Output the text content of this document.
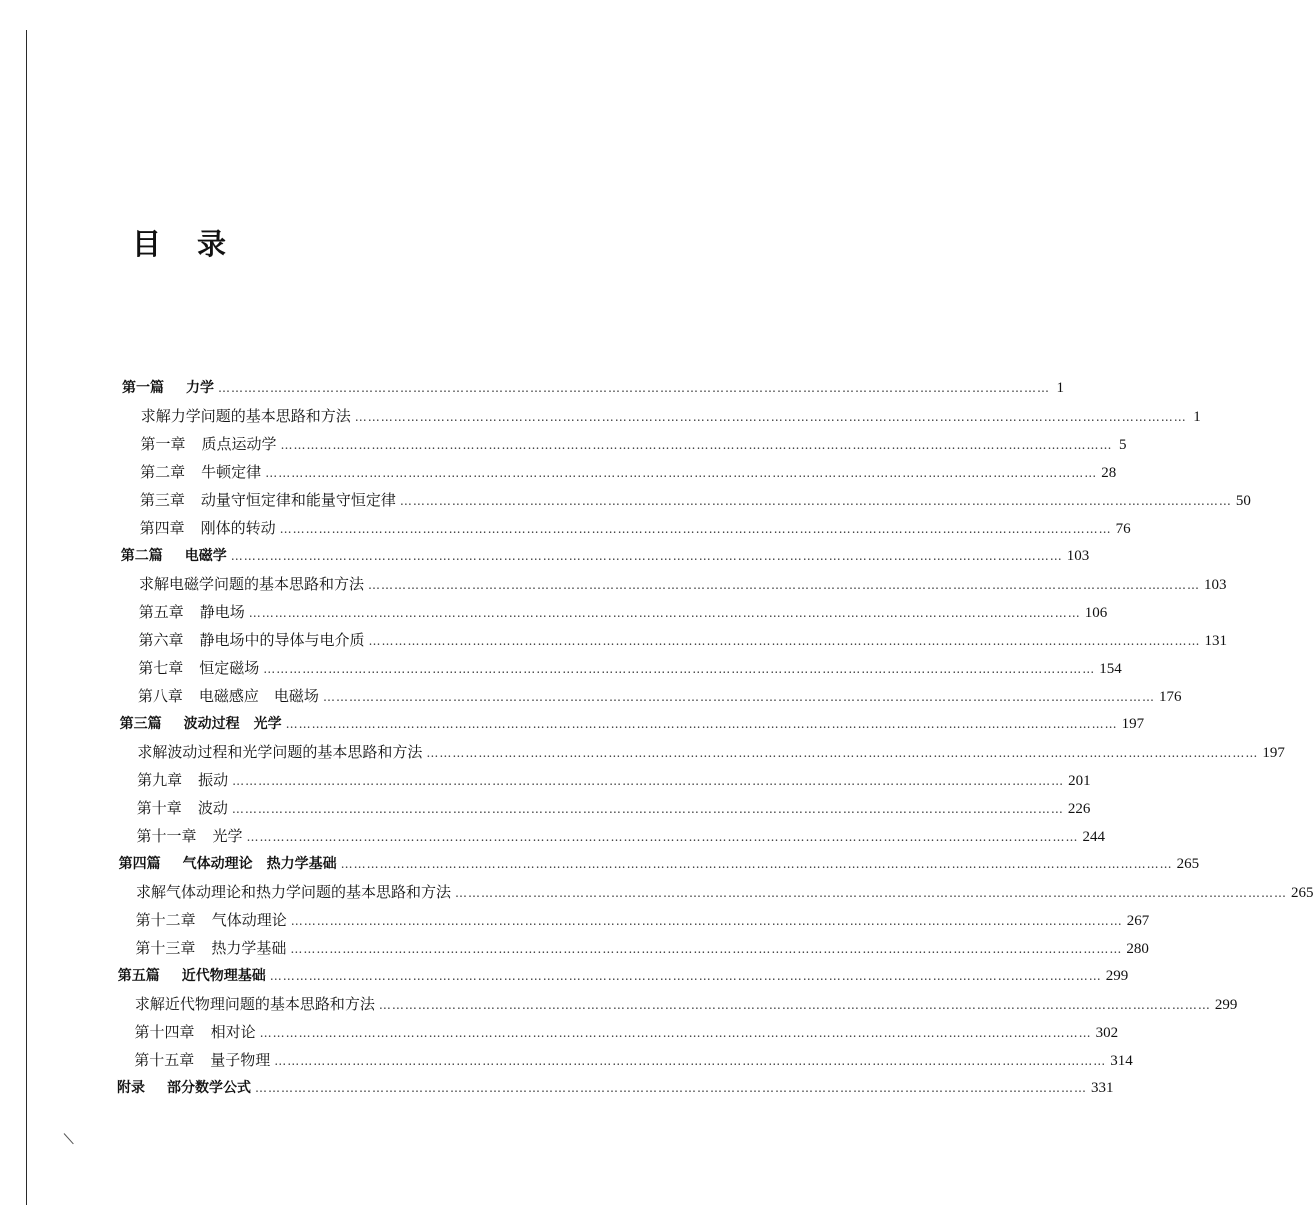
目 录
第一篇 力学 ………………………………………………………………………………………………………………………………………………………………………… 1
求解力学问题的基本思路和方法 ………………………………………………………………………………………………………………………………………………………………………… 1
第一章 质点运动学 ………………………………………………………………………………………………………………………………………………………………………… 5
第二章 牛顿定律 ………………………………………………………………………………………………………………………………………………………………………… 28
第三章 动量守恒定律和能量守恒定律 ………………………………………………………………………………………………………………………………………………………………………… 50
第四章 刚体的转动 ………………………………………………………………………………………………………………………………………………………………………… 76
第二篇 电磁学 ………………………………………………………………………………………………………………………………………………………………………… 103
求解电磁学问题的基本思路和方法 ………………………………………………………………………………………………………………………………………………………………………… 103
第五章 静电场 ………………………………………………………………………………………………………………………………………………………………………… 106
第六章 静电场中的导体与电介质 ………………………………………………………………………………………………………………………………………………………………………… 131
第七章 恒定磁场 ………………………………………………………………………………………………………………………………………………………………………… 154
第八章 电磁感应　电磁场 ………………………………………………………………………………………………………………………………………………………………………… 176
第三篇 波动过程　光学 ………………………………………………………………………………………………………………………………………………………………………… 197
求解波动过程和光学问题的基本思路和方法 ………………………………………………………………………………………………………………………………………………………………………… 197
第九章 振动 ………………………………………………………………………………………………………………………………………………………………………… 201
第十章 波动 ………………………………………………………………………………………………………………………………………………………………………… 226
第十一章 光学 ………………………………………………………………………………………………………………………………………………………………………… 244
第四篇 气体动理论　热力学基础 ………………………………………………………………………………………………………………………………………………………………………… 265
求解气体动理论和热力学问题的基本思路和方法 ………………………………………………………………………………………………………………………………………………………………………… 265
第十二章 气体动理论 ………………………………………………………………………………………………………………………………………………………………………… 267
第十三章 热力学基础 ………………………………………………………………………………………………………………………………………………………………………… 280
第五篇 近代物理基础 ………………………………………………………………………………………………………………………………………………………………………… 299
求解近代物理问题的基本思路和方法 ………………………………………………………………………………………………………………………………………………………………………… 299
第十四章 相对论 ………………………………………………………………………………………………………………………………………………………………………… 302
第十五章 量子物理 ………………………………………………………………………………………………………………………………………………………………………… 314
附录 部分数学公式 ………………………………………………………………………………………………………………………………………………………………………… 331
